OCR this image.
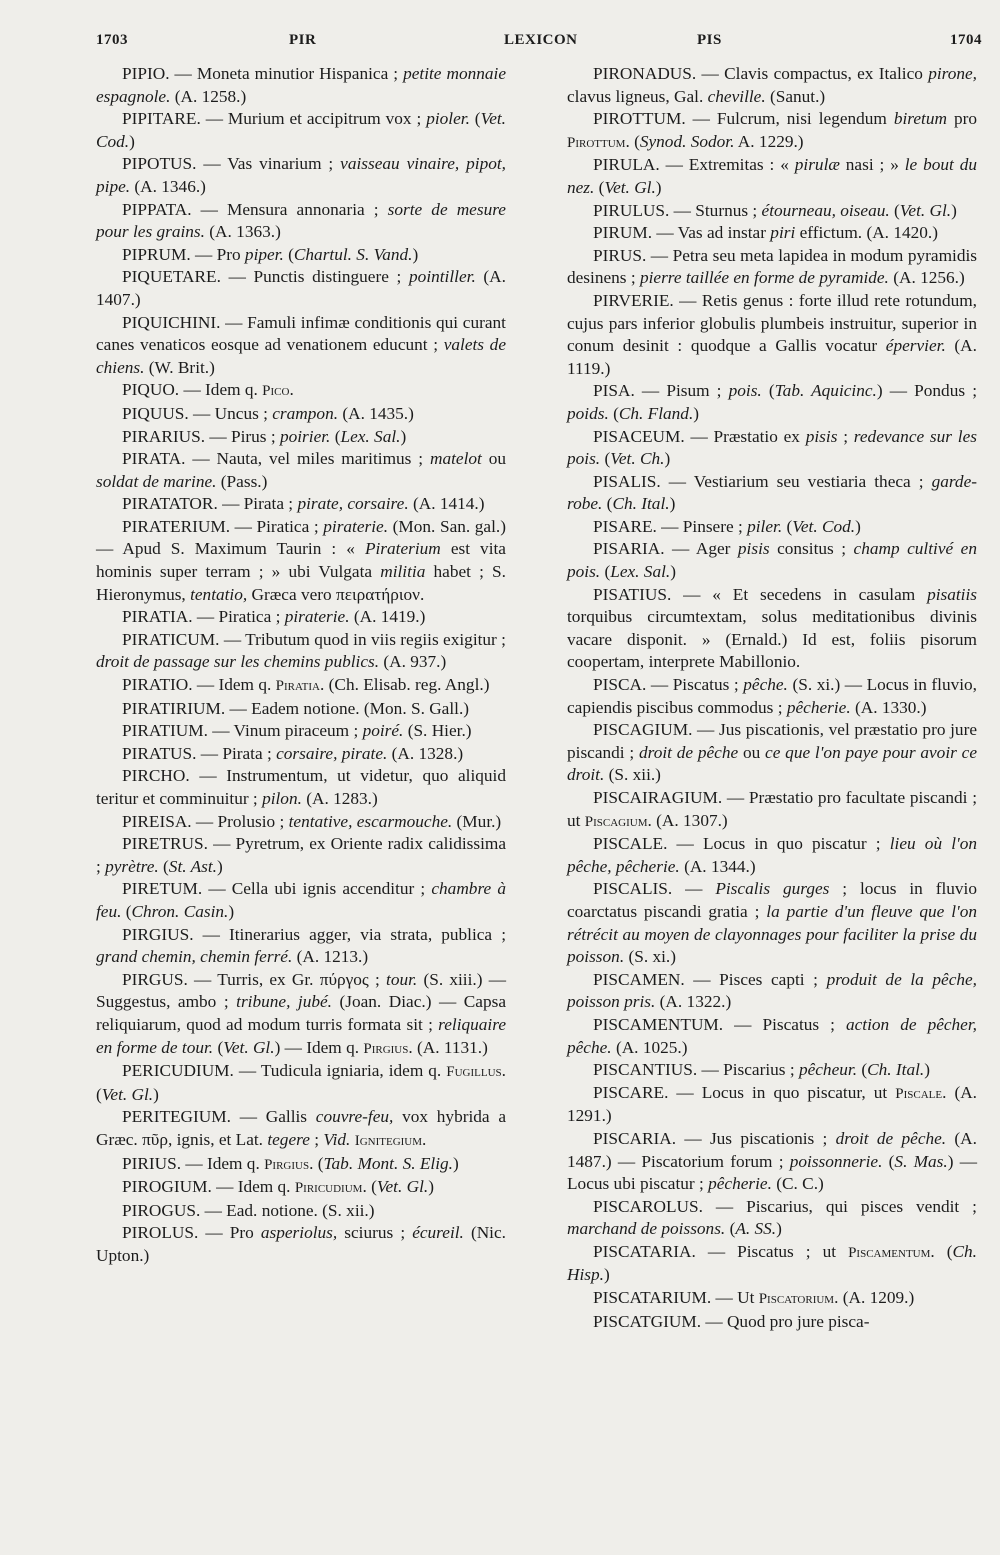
1703	PIR	LEXICON	PIS	1704

PIPIO. — Moneta minutior Hispanica ; petite monnaie espagnole. (A. 1258.)

PIPITARE. — Murium et accipitrum vox ; pioler. (Vet. Cod.)

PIPOTUS. — Vas vinarium ; vaisseau vinaire, pipot, pipe. (A. 1346.)

PIPPATA. — Mensura annonaria ; sorte de mesure pour les grains. (A. 1363.)

PIPRUM. — Pro piper. (Chartul. S. Vand.)

PIQUETARE. — Punctis distinguere ; pointiller. (A. 1407.)

PIQUICHINI. — Famuli infimæ conditionis qui curant canes venaticos eosque ad venationem educunt ; valets de chiens. (W. Brit.)

PIQUO. — Idem q. Pico.

PIQUUS. — Uncus ; crampon. (A. 1435.)

PIRARIUS. — Pirus ; poirier. (Lex. Sal.)

PIRATA. — Nauta, vel miles maritimus ; matelot ou soldat de marine. (Pass.)

PIRATATOR. — Pirata ; pirate, corsaire. (A. 1414.)

PIRATERIUM. — Piratica ; piraterie. (Mon. San. gal.) — Apud S. Maximum Taurin : « Piraterium est vita hominis super terram ; » ubi Vulgata militia habet ; S. Hieronymus, tentatio, Græca vero πειρατήριον.

PIRATIA. — Piratica ; piraterie. (A. 1419.)

PIRATICUM. — Tributum quod in viis regiis exigitur ; droit de passage sur les chemins publics. (A. 937.)

PIRATIO. — Idem q. Piratia. (Ch. Elisab. reg. Angl.)

PIRATIRIUM. — Eadem notione. (Mon. S. Gall.)

PIRATIUM. — Vinum piraceum ; poiré. (S. Hier.)

PIRATUS. — Pirata ; corsaire, pirate. (A. 1328.)

PIRCHO. — Instrumentum, ut videtur, quo aliquid teritur et comminuitur ; pilon. (A. 1283.)

PIREISA. — Prolusio ; tentative, escarmouche. (Mur.)

PIRETRUS. — Pyretrum, ex Oriente radix calidissima ; pyrètre. (St. Ast.)

PIRETUM. — Cella ubi ignis accenditur ; chambre à feu. (Chron. Casin.)

PIRGIUS. — Itinerarius agger, via strata, publica ; grand chemin, chemin ferré. (A. 1213.)

PIRGUS. — Turris, ex Gr. πύργος ; tour. (S. xiii.) — Suggestus, ambo ; tribune, jubé. (Joan. Diac.) — Capsa reliquiarum, quod ad modum turris formata sit ; reliquaire en forme de tour. (Vet. Gl.) — Idem q. Pirgius. (A. 1131.)

PERICUDIUM. — Tudicula igniaria, idem q. Fugillus. (Vet. Gl.)

PERITEGIUM. — Gallis couvre-feu, vox hybrida a Græc. πῦρ, ignis, et Lat. tegere ; Vid. Ignitegium.

PIRIUS. — Idem q. Pirgius. (Tab. Mont. S. Elig.)

PIROGIUM. — Idem q. Piricudium. (Vet. Gl.)

PIROGUS. — Ead. notione. (S. xii.)

PIROLUS. — Pro asperiolus, sciurus ; écureil. (Nic. Upton.)

PIRONADUS. — Clavis compactus, ex Italico pirone, clavus ligneus, Gal. cheville. (Sanut.)

PIROTTUM. — Fulcrum, nisi legendum biretum pro Pirottum. (Synod. Sodor. A. 1229.)

PIRULA. — Extremitas : « pirulæ nasi ; » le bout du nez. (Vet. Gl.)

PIRULUS. — Sturnus ; étourneau, oiseau. (Vet. Gl.)

PIRUM. — Vas ad instar piri effictum. (A. 1420.)

PIRUS. — Petra seu meta lapidea in modum pyramidis desinens ; pierre taillée en forme de pyramide. (A. 1256.)

PIRVERIE. — Retis genus : forte illud rete rotundum, cujus pars inferior globulis plumbeis instruitur, superior in conum desinit : quodque a Gallis vocatur épervier. (A. 1119.)

PISA. — Pisum ; pois. (Tab. Aquicinc.) — Pondus ; poids. (Ch. Fland.)

PISACEUM. — Præstatio ex pisis ; redevance sur les pois. (Vet. Ch.)

PISALIS. — Vestiarium seu vestiaria theca ; garde-robe. (Ch. Ital.)

PISARE. — Pinsere ; piler. (Vet. Cod.)

PISARIA. — Ager pisis consitus ; champ cultivé en pois. (Lex. Sal.)

PISATIUS. — « Et secedens in casulam pisatiis torquibus circumtextam, solus meditationibus divinis vacare disponit. » (Ernald.) Id est, foliis pisorum coopertam, interprete Mabillonio.

PISCA. — Piscatus ; pêche. (S. xi.) — Locus in fluvio, capiendis piscibus commodus ; pêcherie. (A. 1330.)

PISCAGIUM. — Jus piscationis, vel præstatio pro jure piscandi ; droit de pêche ou ce que l'on paye pour avoir ce droit. (S. xii.)

PISCAIRAGIUM. — Præstatio pro facultate piscandi ; ut Piscagium. (A. 1307.)

PISCALE. — Locus in quo piscatur ; lieu où l'on pêche, pêcherie. (A. 1344.)

PISCALIS. — Piscalis gurges ; locus in fluvio coarctatus piscandi gratia ; la partie d'un fleuve que l'on rétrécit au moyen de clayonnages pour faciliter la prise du poisson. (S. xi.)

PISCAMEN. — Pisces capti ; produit de la pêche, poisson pris. (A. 1322.)

PISCAMENTUM. — Piscatus ; action de pêcher, pêche. (A. 1025.)

PISCANTIUS. — Piscarius ; pêcheur. (Ch. Ital.)

PISCARE. — Locus in quo piscatur, ut Piscale. (A. 1291.)

PISCARIA. — Jus piscationis ; droit de pêche. (A. 1487.) — Piscatorium forum ; poissonnerie. (S. Mas.) — Locus ubi piscatur ; pêcherie. (C. C.)

PISCAROLUS. — Piscarius, qui pisces vendit ; marchand de poissons. (A. SS.)

PISCATARIA. — Piscatus ; ut Piscamentum. (Ch. Hisp.)

PISCATARIUM. — Ut Piscatorium. (A. 1209.)

PISCATGIUM. — Quod pro jure pisca-
